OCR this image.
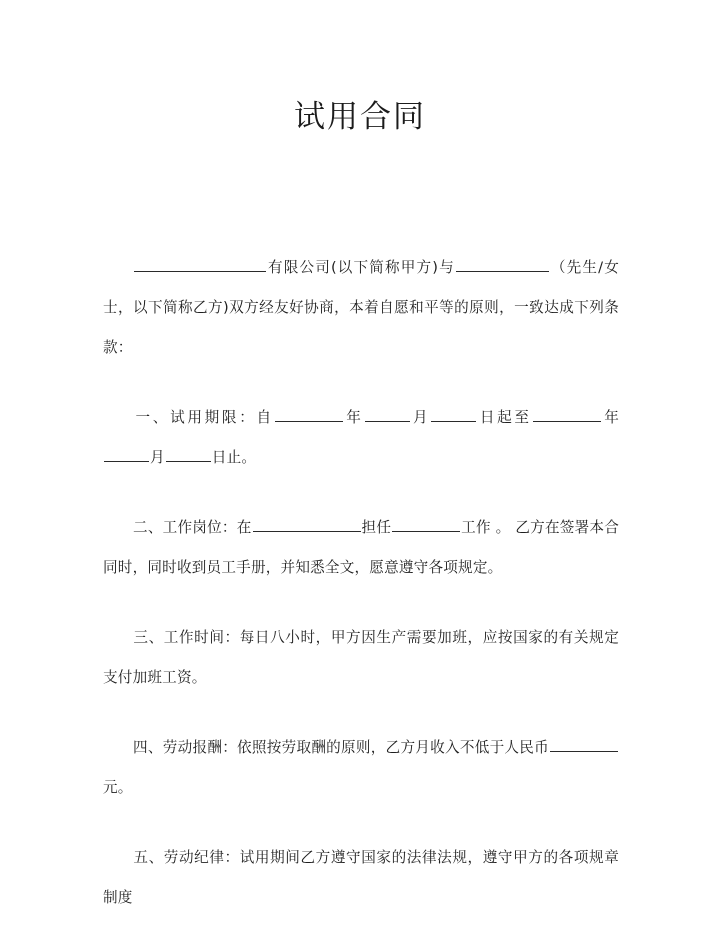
试用合同

有限公司(以下简称甲方)与	（先生/女士，以下简称乙方)双方经友好协商，本着自愿和平等的原则，一致达成下列条款：

一、试用期限：自	年	月	日起至	年月	日止。

二、工作岗位：在	担任	工作 。 乙方在签署本合同时，同时收到员工手册，并知悉全文，愿意遵守各项规定。

三、工作时间：每日八小时，甲方因生产需要加班，应按国家的有关规定支付加班工资。

四、劳动报酬：依照按劳取酬的原则，乙方月收入不低于人民币元。

五、劳动纪律：试用期间乙方遵守国家的法律法规，遵守甲方的各项规章制度
